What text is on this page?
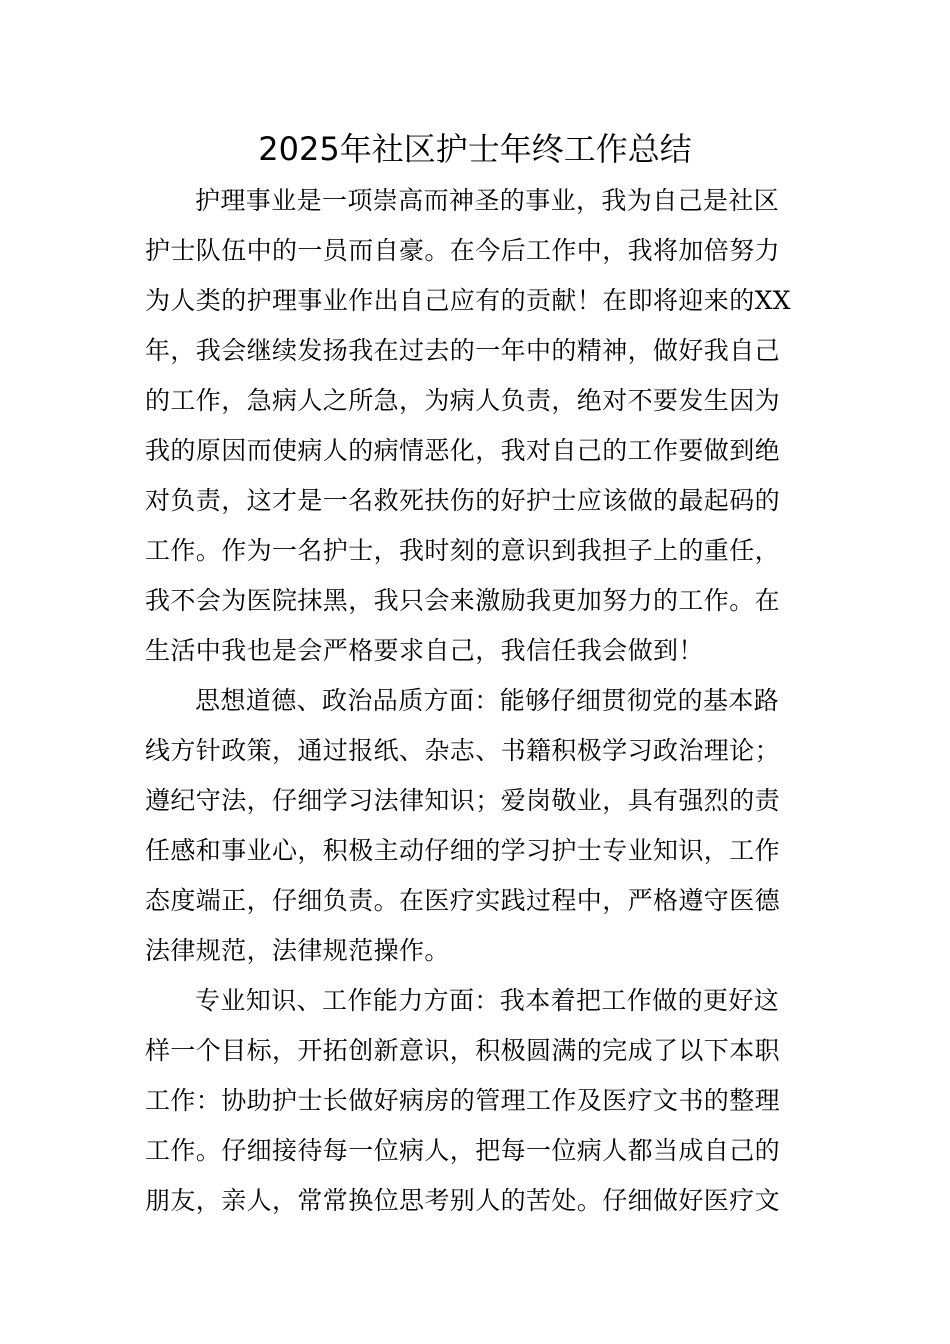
2025年社区护士年终工作总结

护理事业是一项崇高而神圣的事业，我为自己是社区
护士队伍中的一员而自豪。在今后工作中，我将加倍努力
为人类的护理事业作出自己应有的贡献！在即将迎来的XX
年，我会继续发扬我在过去的一年中的精神，做好我自己
的工作，急病人之所急，为病人负责，绝对不要发生因为
我的原因而使病人的病情恶化，我对自己的工作要做到绝
对负责，这才是一名救死扶伤的好护士应该做的最起码的
工作。作为一名护士，我时刻的意识到我担子上的重任，
我不会为医院抹黑，我只会来激励我更加努力的工作。在
生活中我也是会严格要求自己，我信任我会做到！

思想道德、政治品质方面：能够仔细贯彻党的基本路
线方针政策，通过报纸、杂志、书籍积极学习政治理论；
遵纪守法，仔细学习法律知识；爱岗敬业，具有强烈的责
任感和事业心，积极主动仔细的学习护士专业知识，工作
态度端正，仔细负责。在医疗实践过程中，严格遵守医德
法律规范，法律规范操作。

专业知识、工作能力方面：我本着把工作做的更好这
样一个目标，开拓创新意识，积极圆满的完成了以下本职
工作：协助护士长做好病房的管理工作及医疗文书的整理
工作。仔细接待每一位病人，把每一位病人都当成自己的
朋友，亲人，常常换位思考别人的苦处。仔细做好医疗文
